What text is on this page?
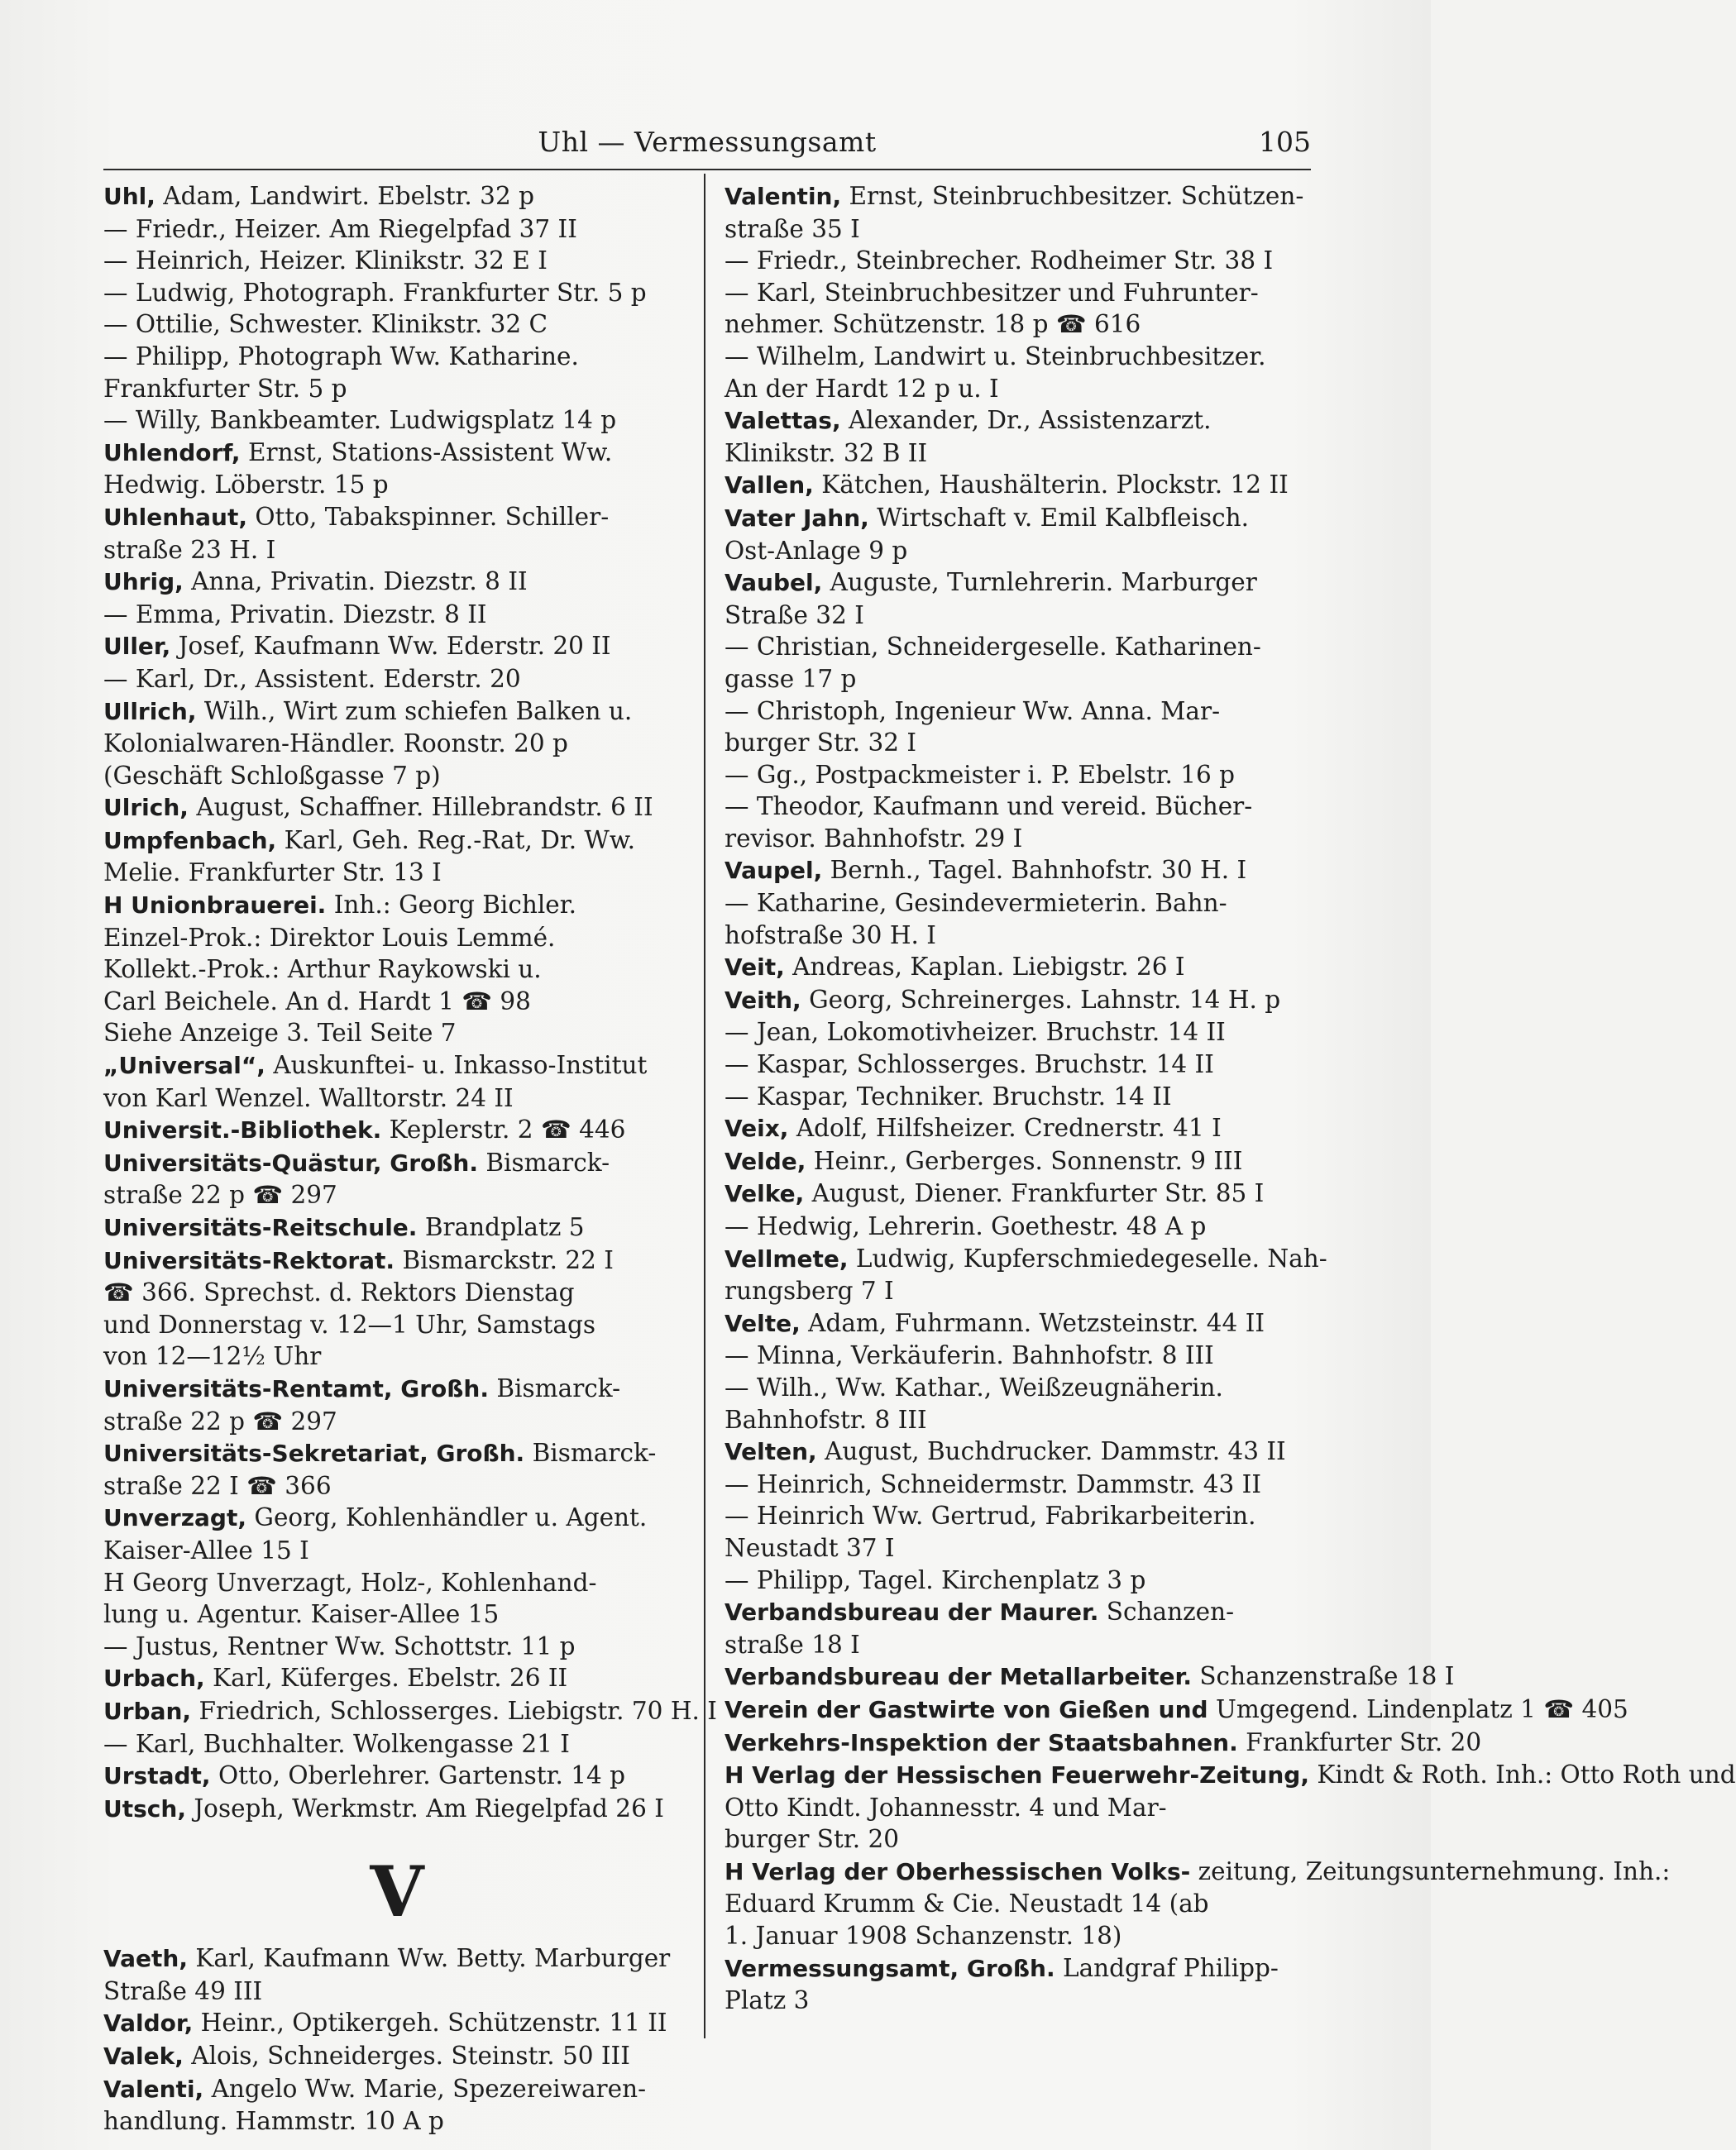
Uhl — Vermessungsamt	105
Uhl, Adam, Landwirt. Ebelstr. 32 p
— Friedr., Heizer. Am Riegelpfad 37 II
— Heinrich, Heizer. Klinikstr. 32 E I
— Ludwig, Photograph. Frankfurter Str. 5 p
— Ottilie, Schwester. Klinikstr. 32 C
— Philipp, Photograph Ww. Katharine.
Frankfurter Str. 5 p
— Willy, Bankbeamter. Ludwigsplatz 14 p
Uhlendorf, Ernst, Stations-Assistent Ww.
Hedwig. Löberstr. 15 p
Uhlenhaut, Otto, Tabakspinner. Schiller-
straße 23 H. I
Uhrig, Anna, Privatin. Diezstr. 8 II
— Emma, Privatin. Diezstr. 8 II
Uller, Josef, Kaufmann Ww. Ederstr. 20 II
— Karl, Dr., Assistent. Ederstr. 20
Ullrich, Wilh., Wirt zum schiefen Balken u.
Kolonialwaren-Händler. Roonstr. 20 p
(Geschäft Schloßgasse 7 p)
Ulrich, August, Schaffner. Hillebrandstr. 6 II
Umpfenbach, Karl, Geh. Reg.-Rat, Dr. Ww.
Melie. Frankfurter Str. 13 I
H Unionbrauerei. Inh.: Georg Bichler.
Einzel-Prok.: Direktor Louis Lemmé.
Kollekt.-Prok.: Arthur Raykowski u.
Carl Beichele. An d. Hardt 1 ☎ 98
Siehe Anzeige 3. Teil Seite 7
„Universal“, Auskunftei- u. Inkasso-Institut
von Karl Wenzel. Walltorstr. 24 II
Universit.-Bibliothek. Keplerstr. 2 ☎ 446
Universitäts-Quästur, Großh. Bismarck-
straße 22 p ☎ 297
Universitäts-Reitschule. Brandplatz 5
Universitäts-Rektorat. Bismarckstr. 22 I
☎ 366. Sprechst. d. Rektors Dienstag
und Donnerstag v. 12—1 Uhr, Samstags
von 12—12½ Uhr
Universitäts-Rentamt, Großh. Bismarck-
straße 22 p ☎ 297
Universitäts-Sekretariat, Großh. Bismarck-
straße 22 I ☎ 366
Unverzagt, Georg, Kohlenhändler u. Agent.
Kaiser-Allee 15 I
H Georg Unverzagt, Holz-, Kohlenhand-
lung u. Agentur. Kaiser-Allee 15
— Justus, Rentner Ww. Schottstr. 11 p
Urbach, Karl, Küferges. Ebelstr. 26 II
Urban, Friedrich, Schlosserges. Liebigstr. 70 H. I
— Karl, Buchhalter. Wolkengasse 21 I
Urstadt, Otto, Oberlehrer. Gartenstr. 14 p
Utsch, Joseph, Werkmstr. Am Riegelpfad 26 I
V
Vaeth, Karl, Kaufmann Ww. Betty. Marburger
Straße 49 III
Valdor, Heinr., Optikergeh. Schützenstr. 11 II
Valek, Alois, Schneiderges. Steinstr. 50 III
Valenti, Angelo Ww. Marie, Spezereiwaren-
handlung. Hammstr. 10 A p
Valentin, Ernst, Steinbruchbesitzer. Schützen-
straße 35 I
— Friedr., Steinbrecher. Rodheimer Str. 38 I
— Karl, Steinbruchbesitzer und Fuhrunter-
nehmer. Schützenstr. 18 p ☎ 616
— Wilhelm, Landwirt u. Steinbruchbesitzer.
An der Hardt 12 p u. I
Valettas, Alexander, Dr., Assistenzarzt.
Klinikstr. 32 B II
Vallen, Kätchen, Haushälterin. Plockstr. 12 II
Vater Jahn, Wirtschaft v. Emil Kalbfleisch.
Ost-Anlage 9 p
Vaubel, Auguste, Turnlehrerin. Marburger
Straße 32 I
— Christian, Schneidergeselle. Katharinen-
gasse 17 p
— Christoph, Ingenieur Ww. Anna. Mar-
burger Str. 32 I
— Gg., Postpackmeister i. P. Ebelstr. 16 p
— Theodor, Kaufmann und vereid. Bücher-
revisor. Bahnhofstr. 29 I
Vaupel, Bernh., Tagel. Bahnhofstr. 30 H. I
— Katharine, Gesindevermieterin. Bahn-
hofstraße 30 H. I
Veit, Andreas, Kaplan. Liebigstr. 26 I
Veith, Georg, Schreinerges. Lahnstr. 14 H. p
— Jean, Lokomotivheizer. Bruchstr. 14 II
— Kaspar, Schlosserges. Bruchstr. 14 II
— Kaspar, Techniker. Bruchstr. 14 II
Veix, Adolf, Hilfsheizer. Crednerstr. 41 I
Velde, Heinr., Gerberges. Sonnenstr. 9 III
Velke, August, Diener. Frankfurter Str. 85 I
— Hedwig, Lehrerin. Goethestr. 48 A p
Vellmete, Ludwig, Kupferschmiedegeselle. Nah-
rungsberg 7 I
Velte, Adam, Fuhrmann. Wetzsteinstr. 44 II
— Minna, Verkäuferin. Bahnhofstr. 8 III
— Wilh., Ww. Kathar., Weißzeugnäherin.
Bahnhofstr. 8 III
Velten, August, Buchdrucker. Dammstr. 43 II
— Heinrich, Schneidermstr. Dammstr. 43 II
— Heinrich Ww. Gertrud, Fabrikarbeiterin.
Neustadt 37 I
— Philipp, Tagel. Kirchenplatz 3 p
Verbandsbureau der Maurer. Schanzen-
straße 18 I
Verbandsbureau der Metallarbeiter. Schanzenstraße 18 I
Verein der Gastwirte von Gießen und Umgegend. Lindenplatz 1 ☎ 405
Verkehrs-Inspektion der Staatsbahnen. Frankfurter Str. 20
H Verlag der Hessischen Feuerwehr-Zeitung, Kindt & Roth. Inh.: Otto Roth und
Otto Kindt. Johannesstr. 4 und Mar-
burger Str. 20
H Verlag der Oberhessischen Volks- zeitung, Zeitungsunternehmung. Inh.:
Eduard Krumm & Cie. Neustadt 14 (ab
1. Januar 1908 Schanzenstr. 18)
Vermessungsamt, Großh. Landgraf Philipp-
Platz 3
